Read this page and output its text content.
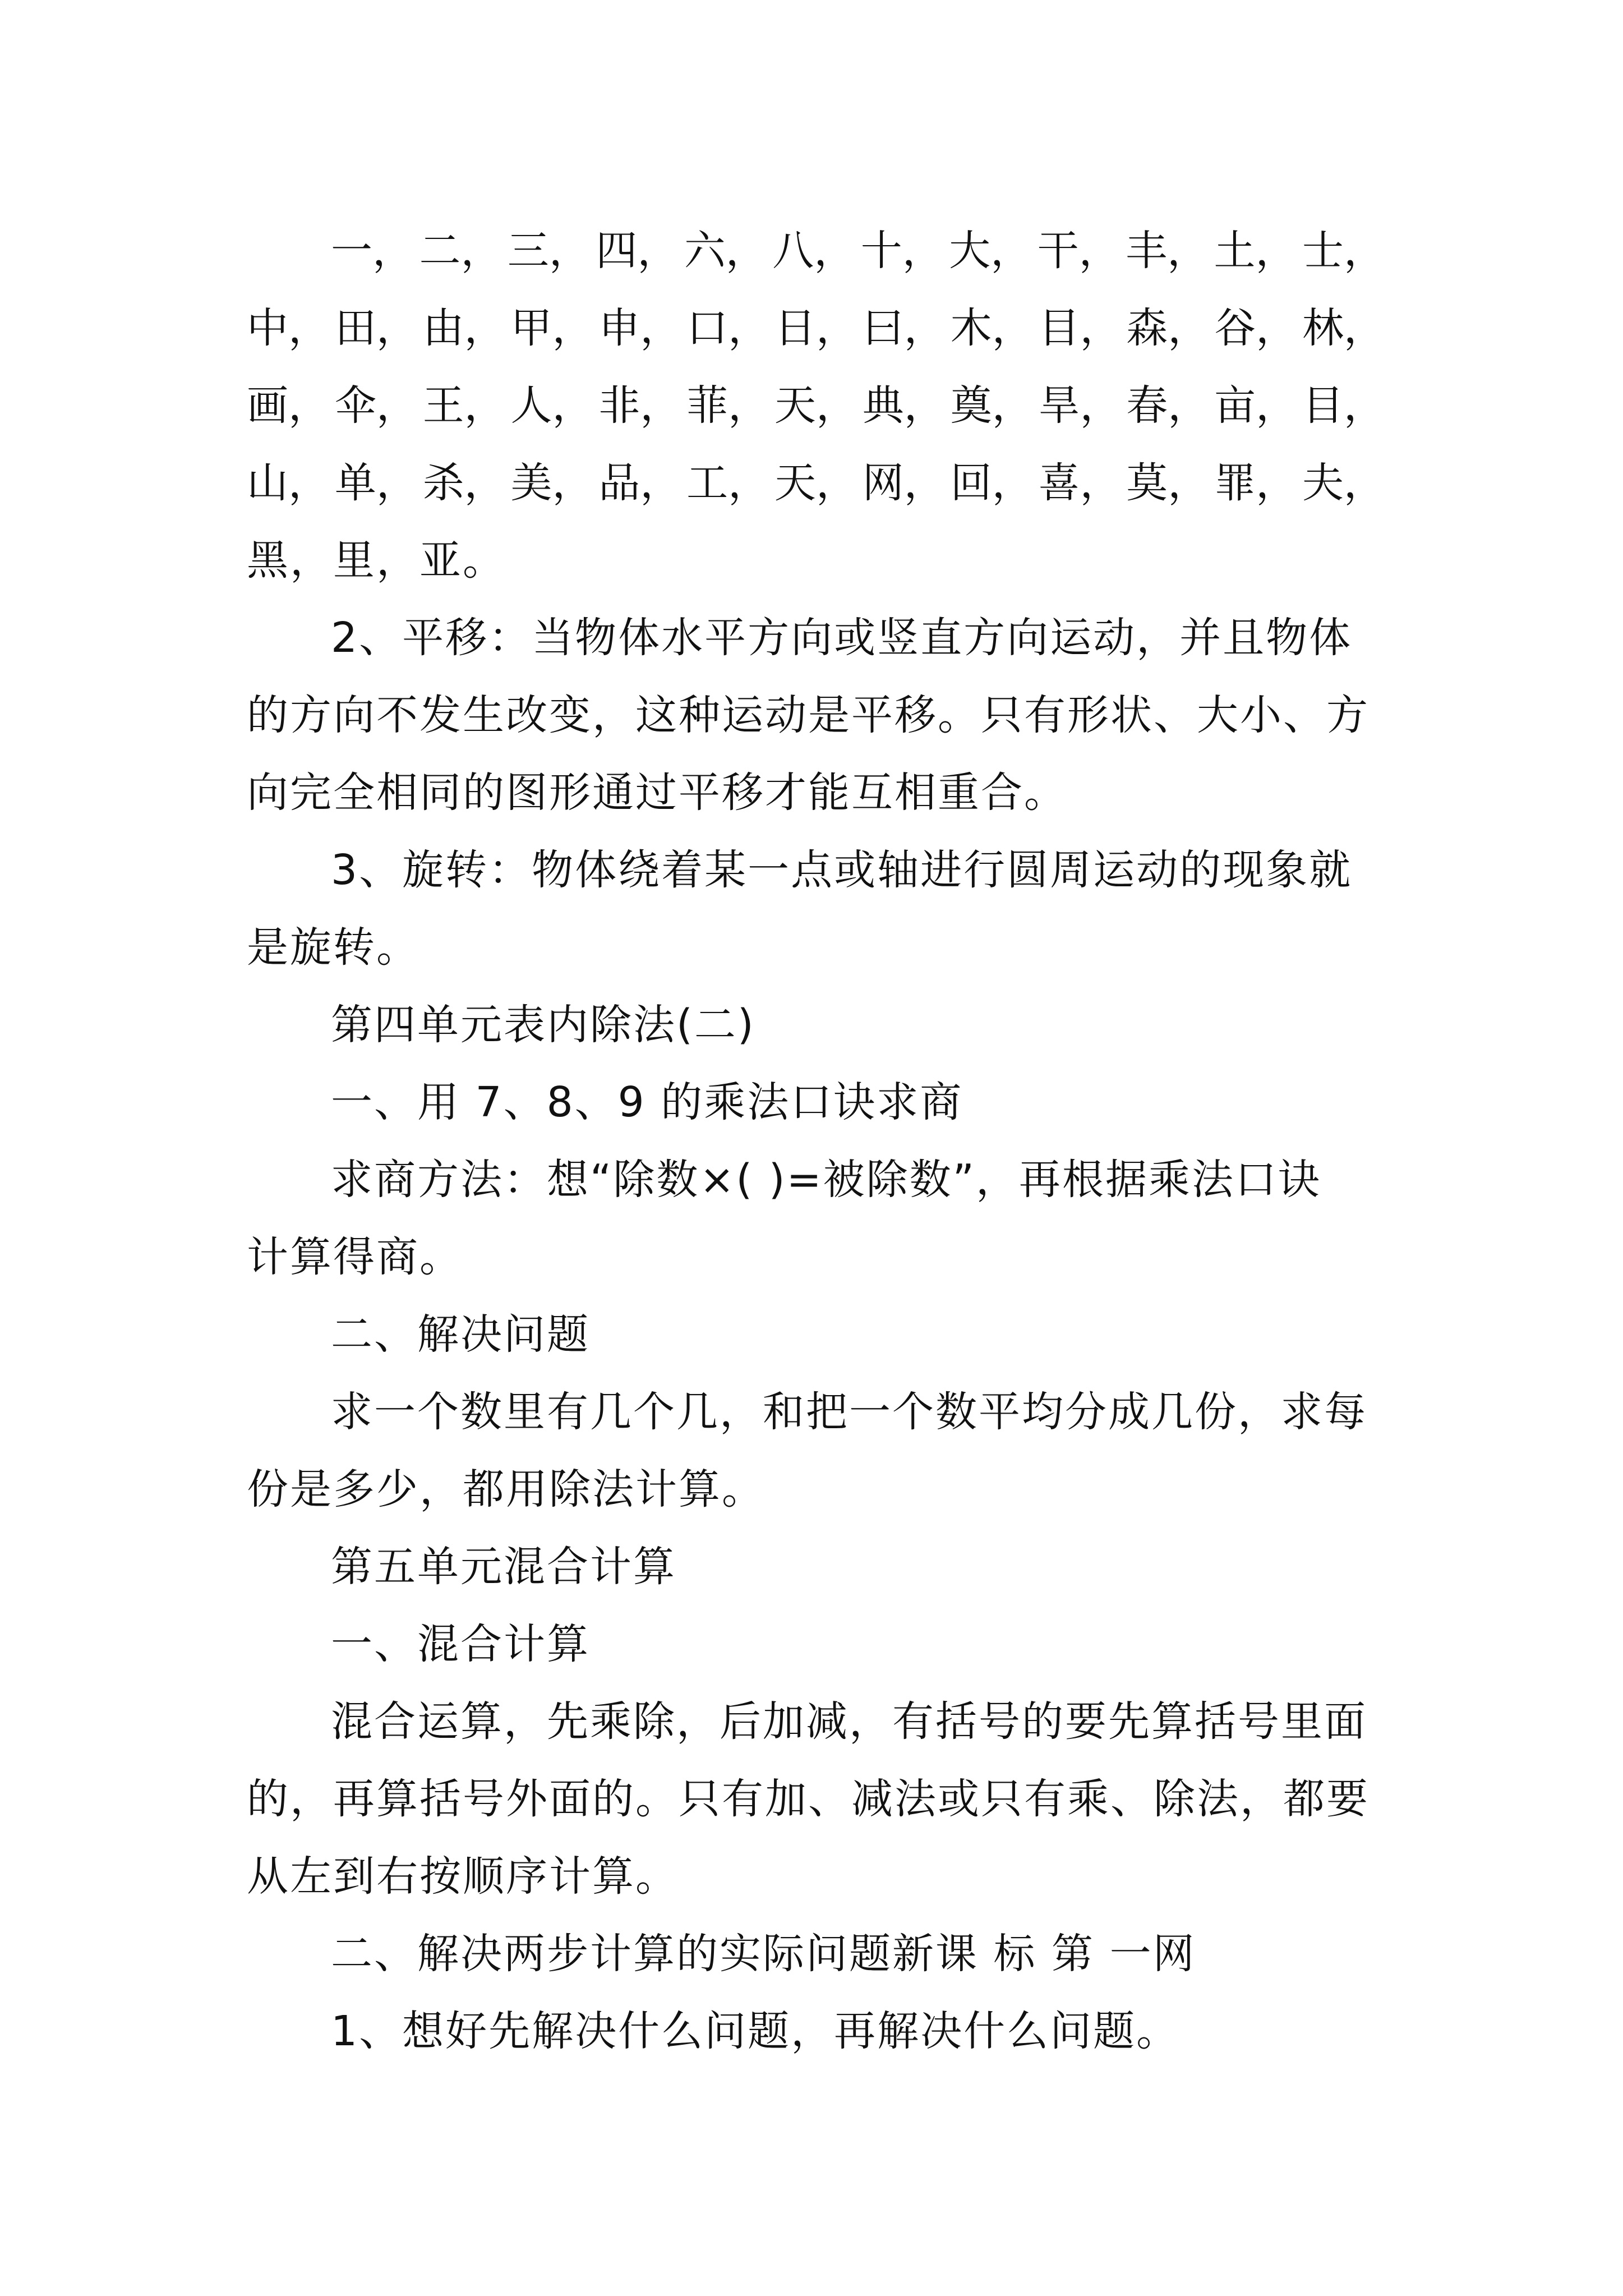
一， 二， 三， 四， 六， 八， 十， 大， 干， 丰， 土， 士，
中， 田， 由， 甲， 申， 口， 日， 曰， 木， 目， 森， 谷， 林，
画， 伞， 王， 人， 非， 菲， 天， 典， 奠， 旱， 春， 亩， 目，
山， 单， 杀， 美， 品， 工， 天， 网， 回， 喜， 莫， 罪， 夫，
黑，里，亚。
2、平移：当物体水平方向或竖直方向运动，并且物体
的方向不发生改变，这种运动是平移。只有形状、大小、方
向完全相同的图形通过平移才能互相重合。
3、旋转：物体绕着某一点或轴进行圆周运动的现象就
是旋转。
第四单元表内除法(二)
一、用 7、8、9 的乘法口诀求商
求商方法：想“除数×( )=被除数”，再根据乘法口诀
计算得商。
二、解决问题
求一个数里有几个几，和把一个数平均分成几份，求每
份是多少，都用除法计算。
第五单元混合计算
一、混合计算
混合运算，先乘除，后加减，有括号的要先算括号里面
的，再算括号外面的。只有加、减法或只有乘、除法，都要
从左到右按顺序计算。
二、解决两步计算的实际问题新课 标 第 一网
1、想好先解决什么问题，再解决什么问题。
